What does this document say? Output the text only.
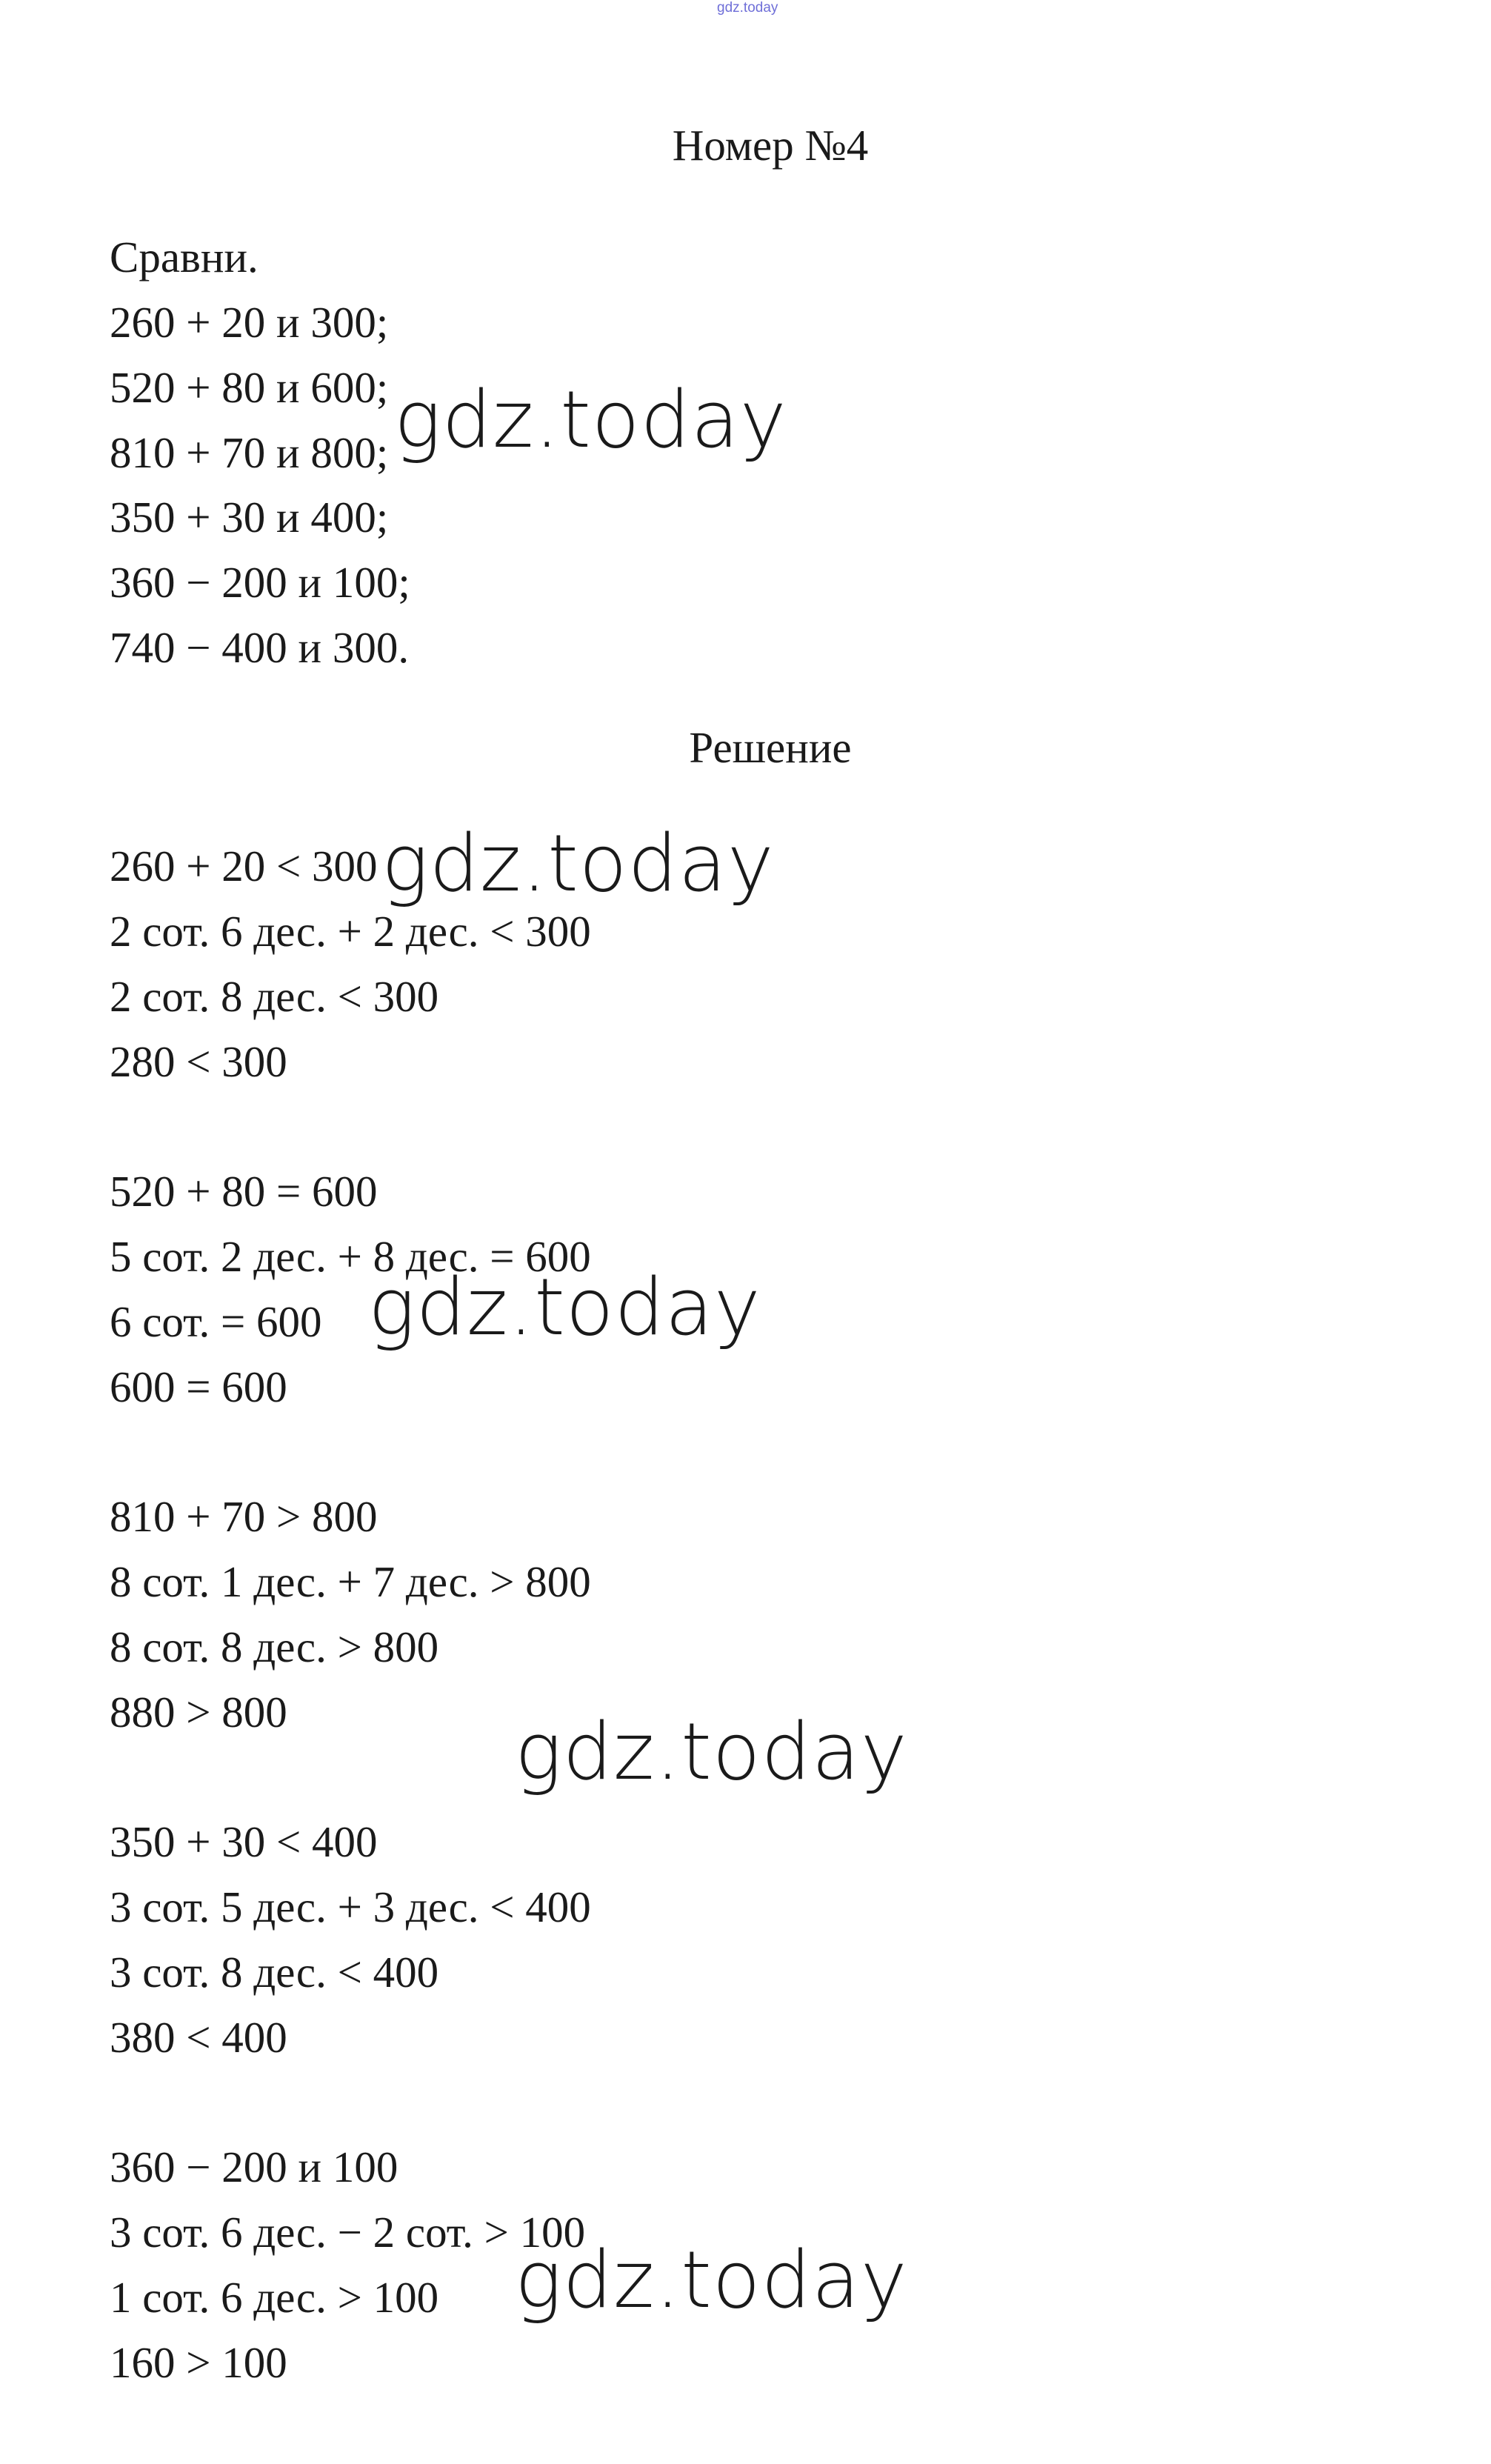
gdz.today
Номер №4
Сравни.
260 + 20 и 300;
520 + 80 и 600;
810 + 70 и 800;
350 + 30 и 400;
360 − 200 и 100;
740 − 400 и 300.
Решение
260 + 20 < 300
2 сот. 6 дес. + 2 дес. < 300
2 сот. 8 дес. < 300
280 < 300
520 + 80 = 600
5 сот. 2 дес. + 8 дес. = 600
6 сот. = 600
600 = 600
810 + 70 > 800
8 сот. 1 дес. + 7 дес. > 800
8 сот. 8 дес. > 800
880 > 800
350 + 30 < 400
3 сот. 5 дес. + 3 дес. < 400
3 сот. 8 дес. < 400
380 < 400
360 − 200 и 100
3 сот. 6 дес. − 2 сот. > 100
1 сот. 6 дес. > 100
160 > 100
gdz.today
gdz.today
gdz.today
gdz.today
gdz.today
